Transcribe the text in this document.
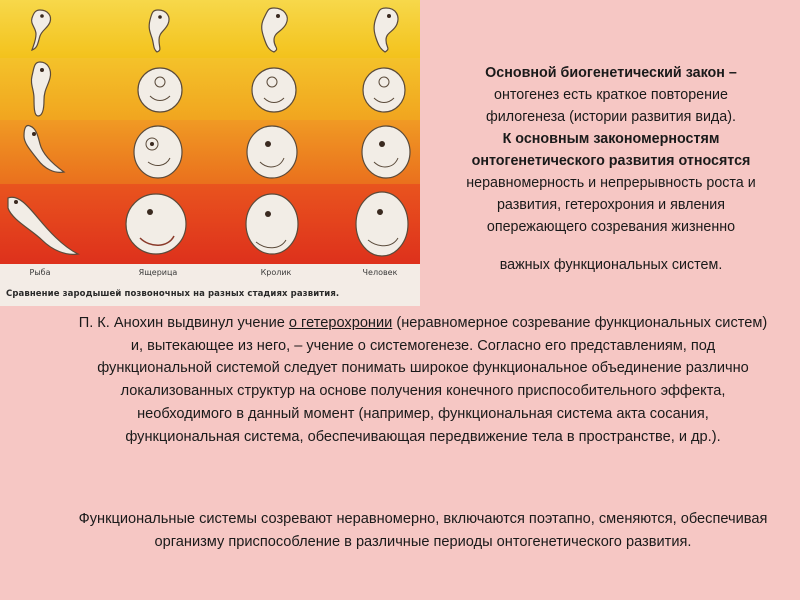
Рыба	Ящерица	Кролик	Человек
Сравнение зародышей позвоночных на разных стадиях развития.
Основной биогенетический закон –
онтогенез есть краткое повторение
филогенеза (истории развития вида).
К основным закономерностям
онтогенетического развития относятся
неравномерность и непрерывность роста и
развития, гетерохрония и явления
опережающего созревания жизненно
важных функциональных систем.
П. К. Анохин выдвинул учение о гетерохронии (неравномерное созревание функциональных систем) и, вытекающее из него, – учение о системогенезе. Согласно его представлениям, под функциональной системой следует понимать широкое функциональное объединение различно локализованных структур на основе получения конечного приспособительного эффекта, необходимого в данный момент (например, функциональная система акта сосания, функциональная система, обеспечивающая передвижение тела в пространстве, и др.).
Функциональные системы созревают неравномерно, включаются поэтапно, сменяются, обеспечивая организму приспособление в различные периоды онтогенетического развития.
